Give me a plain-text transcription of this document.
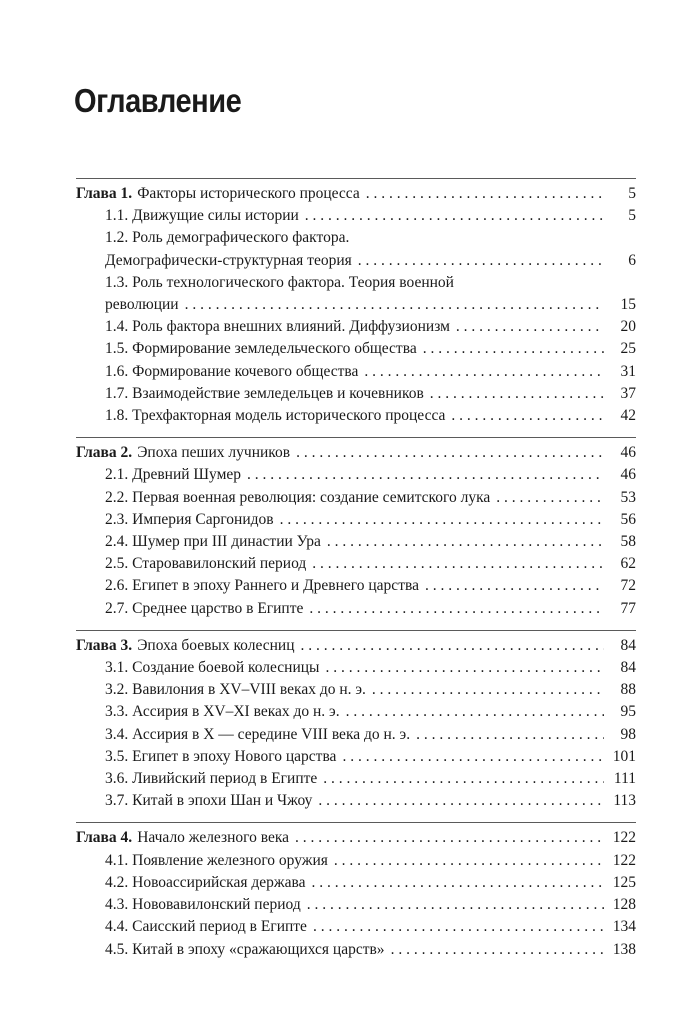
Оглавление
Глава 1. Факторы исторического процесса . . .	5
1.1. Движущие силы истории . . .	5
1.2. Роль демографического фактора.
Демографически-структурная теория . . .	6
1.3. Роль технологического фактора. Теория военной
революции . . .	15
1.4. Роль фактора внешних влияний. Диффузионизм . . .	20
1.5. Формирование земледельческого общества . . .	25
1.6. Формирование кочевого общества . . .	31
1.7. Взаимодействие земледельцев и кочевников . . .	37
1.8. Трехфакторная модель исторического процесса . . .	42
Глава 2. Эпоха пеших лучников . . .	46
2.1. Древний Шумер . . .	46
2.2. Первая военная революция: создание семитского лука . . .	53
2.3. Империя Саргонидов . . .	56
2.4. Шумер при III династии Ура . . .	58
2.5. Старовавилонский период . . .	62
2.6. Египет в эпоху Раннего и Древнего царства . . .	72
2.7. Среднее царство в Египте . . .	77
Глава 3. Эпоха боевых колесниц . . .	84
3.1. Создание боевой колесницы . . .	84
3.2. Вавилония в XV–VIII веках до н. э. . . .	88
3.3. Ассирия в XV–XI веках до н. э. . . .	95
3.4. Ассирия в X — середине VIII века до н. э. . . .	98
3.5. Египет в эпоху Нового царства . . .	101
3.6. Ливийский период в Египте . . .	111
3.7. Китай в эпохи Шан и Чжоу . . .	113
Глава 4. Начало железного века . . .	122
4.1. Появление железного оружия . . .	122
4.2. Новоассирийская держава . . .	125
4.3. Нововавилонский период . . .	128
4.4. Саисский период в Египте . . .	134
4.5. Китай в эпоху «сражающихся царств» . . .	138
